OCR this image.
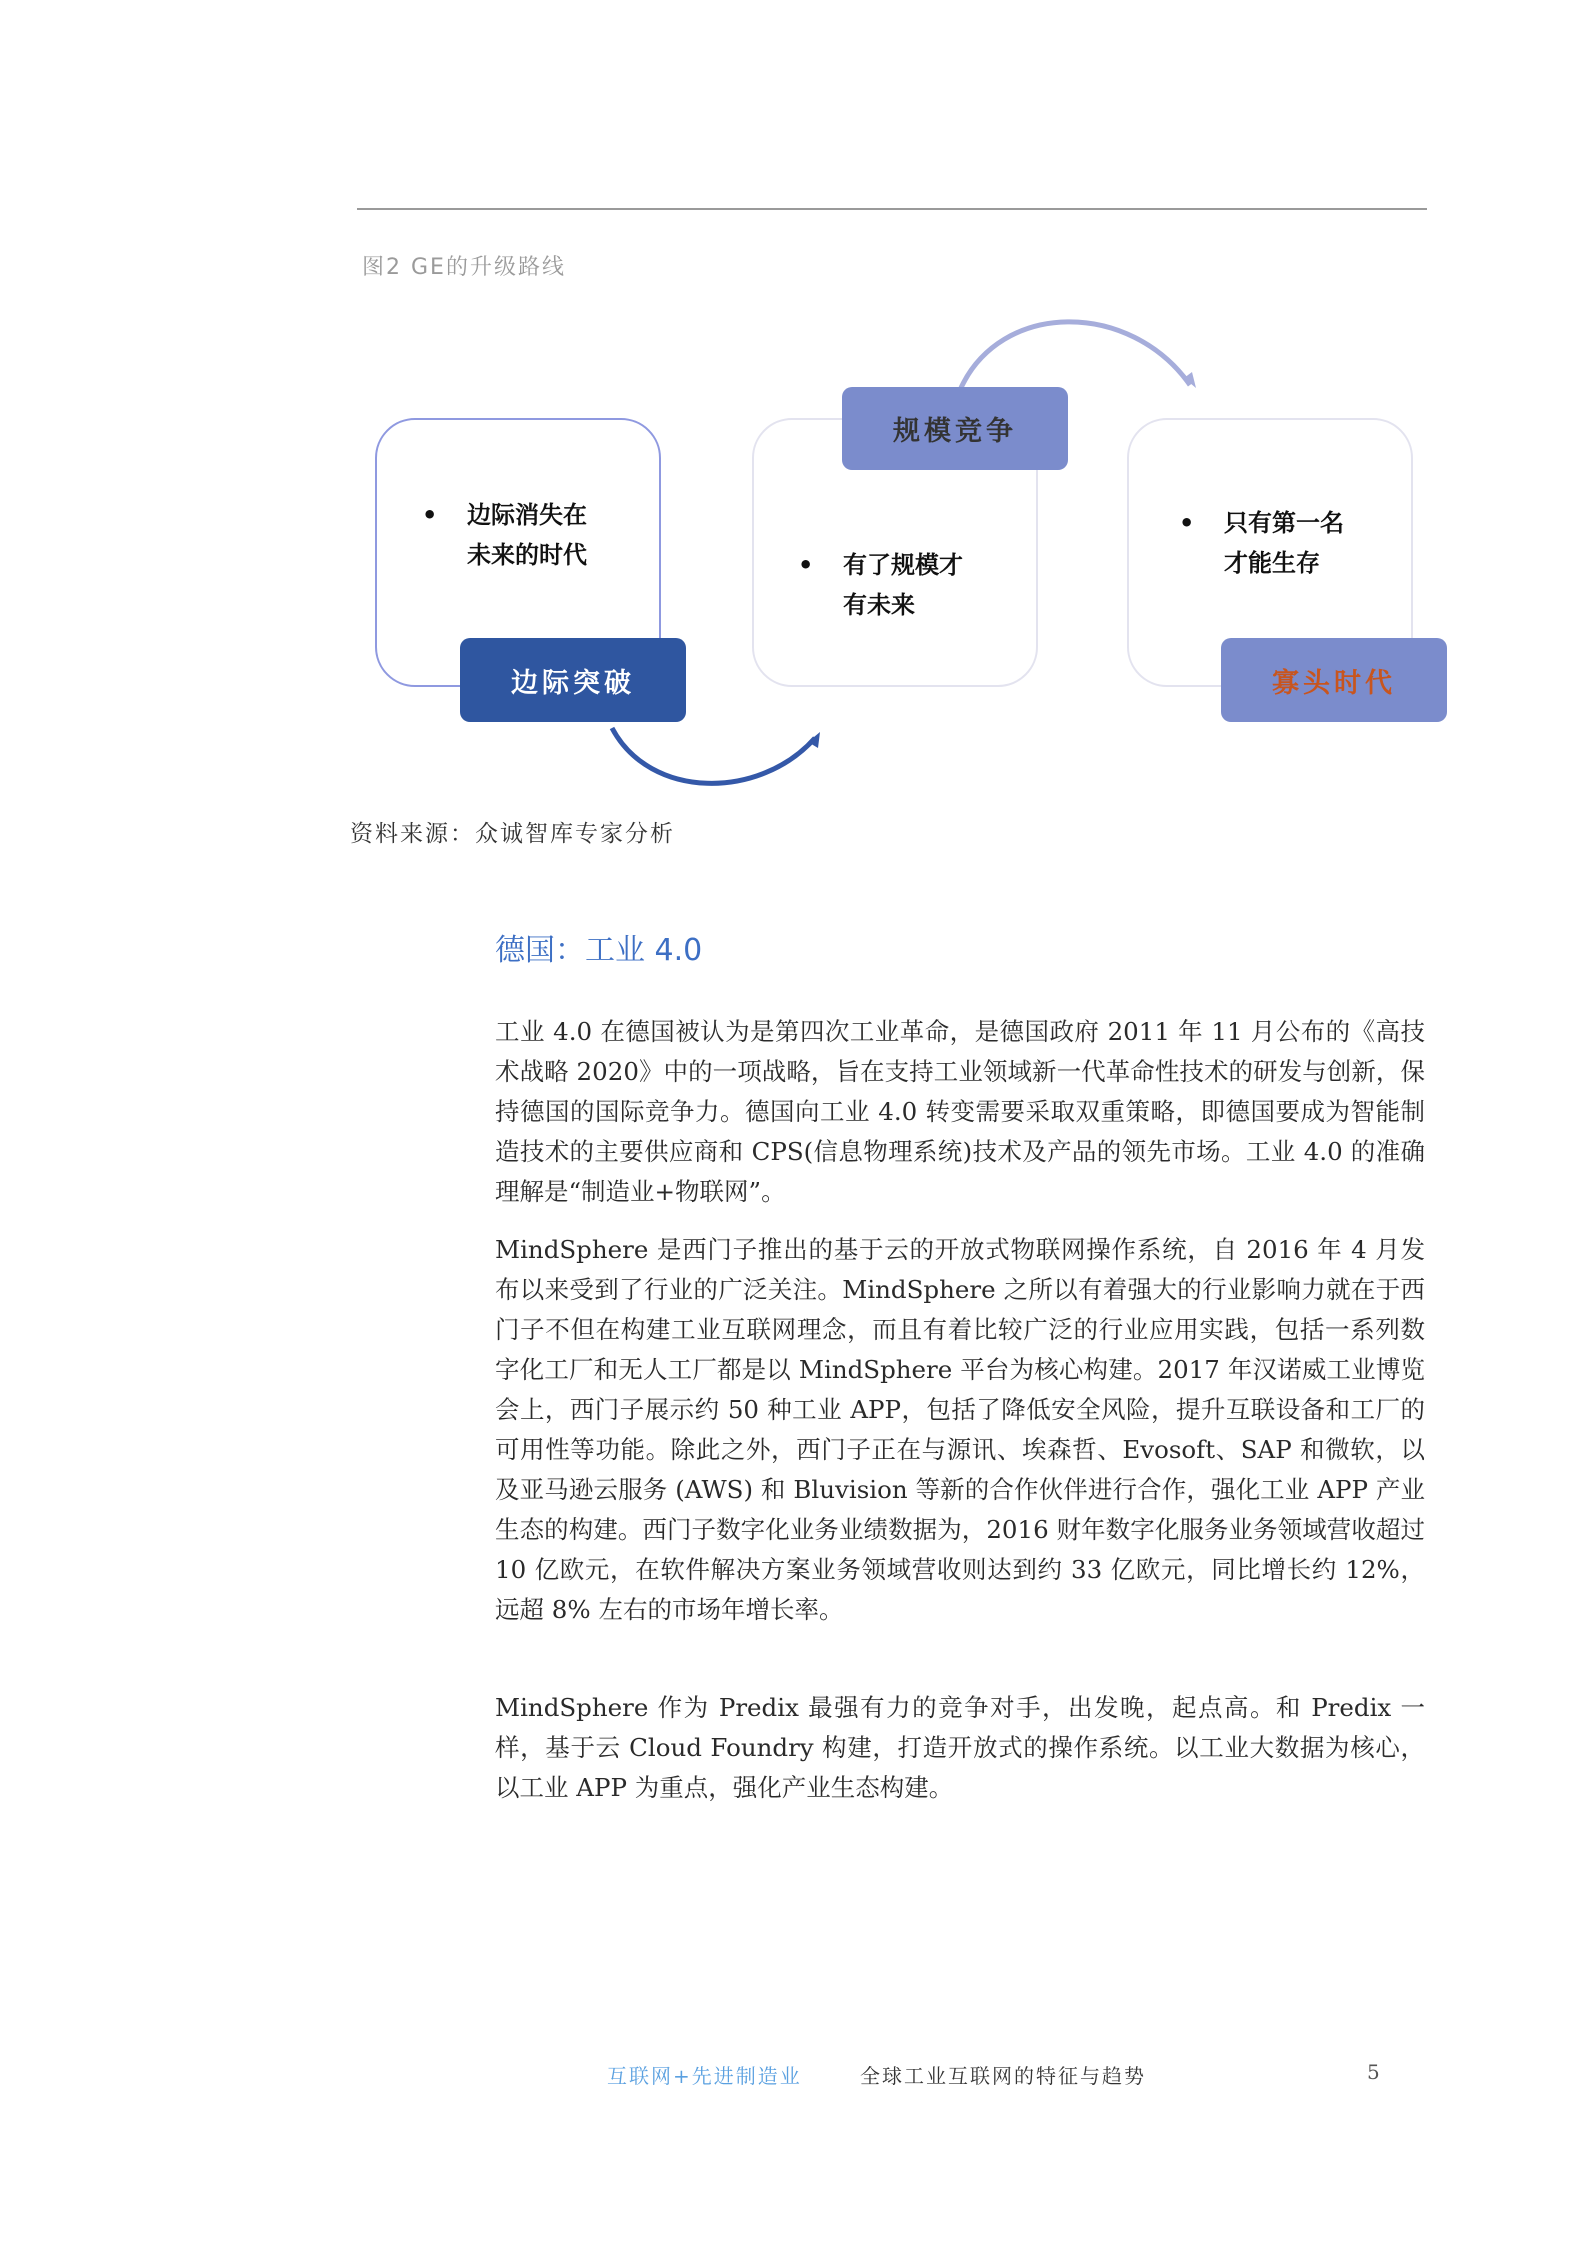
图2 GE的升级路线
• 边际消失在
未来的时代	• 有了规模才
有未来
• 只有第一名
才能生存
边际突破
规模竞争
寡头时代
资料来源：众诚智库专家分析
德国：工业 4.0
工业 4.0 在德国被认为是第四次工业革命，是德国政府 2011 年 11 月公布的《高技术战略 2020》中的一项战略，旨在支持工业领域新一代革命性技术的研发与创新，保持德国的国际竞争力。德国向工业 4.0 转变需要采取双重策略，即德国要成为智能制造技术的主要供应商和 CPS(信息物理系统)技术及产品的领先市场。工业 4.0 的准确理解是“制造业+物联网”。
MindSphere 是西门子推出的基于云的开放式物联网操作系统，自 2016 年 4 月发布以来受到了行业的广泛关注。MindSphere 之所以有着强大的行业影响力就在于西门子不但在构建工业互联网理念，而且有着比较广泛的行业应用实践，包括一系列数字化工厂和无人工厂都是以 MindSphere 平台为核心构建。2017 年汉诺威工业博览会上，西门子展示约 50 种工业 APP，包括了降低安全风险，提升互联设备和工厂的可用性等功能。除此之外，西门子正在与源讯、埃森哲、Evosoft、SAP 和微软，以及亚马逊云服务 (AWS) 和 Bluvision 等新的合作伙伴进行合作，强化工业 APP 产业生态的构建。西门子数字化业务业绩数据为，2016 财年数字化服务业务领域营收超过 10 亿欧元，在软件解决方案业务领域营收则达到约 33 亿欧元，同比增长约 12%，远超 8% 左右的市场年增长率。
MindSphere 作为 Predix 最强有力的竞争对手，出发晚，起点高。和 Predix 一样，基于云 Cloud Foundry 构建，打造开放式的操作系统。以工业大数据为核心，以工业 APP 为重点，强化产业生态构建。
互联网+先进制造业	全球工业互联网的特征与趋势	5
